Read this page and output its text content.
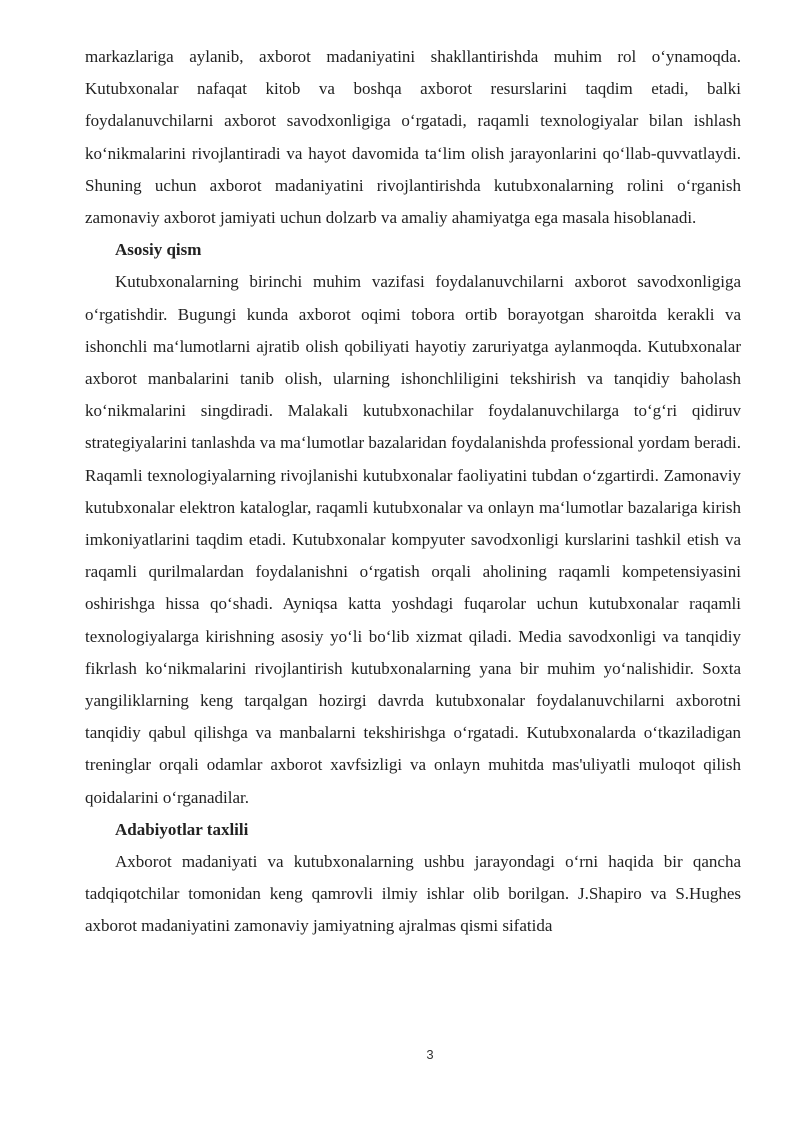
markazlariga aylanib, axborot madaniyatini shakllantirishda muhim rol o‘ynamoqda. Kutubxonalar nafaqat kitob va boshqa axborot resurslarini taqdim etadi, balki foydalanuvchilarni axborot savodxonligiga o‘rgatadi, raqamli texnologiyalar bilan ishlash ko‘nikmalarini rivojlantiradi va hayot davomida ta‘lim olish jarayonlarini qo‘llab-quvvatlaydi. Shuning uchun axborot madaniyatini rivojlantirishda kutubxonalarning rolini o‘rganish zamonaviy axborot jamiyati uchun dolzarb va amaliy ahamiyatga ega masala hisoblanadi.

Asosiy qism

Kutubxonalarning birinchi muhim vazifasi foydalanuvchilarni axborot savodxonligiga o‘rgatishdir. Bugungi kunda axborot oqimi tobora ortib borayotgan sharoitda kerakli va ishonchli ma‘lumotlarni ajratib olish qobiliyati hayotiy zaruriyatga aylanmoqda. Kutubxonalar axborot manbalarini tanib olish, ularning ishonchliligini tekshirish va tanqidiy baholash ko‘nikmalarini singdiradi. Malakali kutubxonachilar foydalanuvchilarga to‘g‘ri qidiruv strategiyalarini tanlashda va ma‘lumotlar bazalaridan foydalanishda professional yordam beradi. Raqamli texnologiyalarning rivojlanishi kutubxonalar faoliyatini tubdan o‘zgartirdi. Zamonaviy kutubxonalar elektron kataloglar, raqamli kutubxonalar va onlayn ma‘lumotlar bazalariga kirish imkoniyatlarini taqdim etadi. Kutubxonalar kompyuter savodxonligi kurslarini tashkil etish va raqamli qurilmalardan foydalanishni o‘rgatish orqali aholining raqamli kompetensiyasini oshirishga hissa qo‘shadi. Ayniqsa katta yoshdagi fuqarolar uchun kutubxonalar raqamli texnologiyalarga kirishning asosiy yo‘li bo‘lib xizmat qiladi. Media savodxonligi va tanqidiy fikrlash ko‘nikmalarini rivojlantirish kutubxonalarning yana bir muhim yo‘nalishidir. Soxta yangiliklarning keng tarqalgan hozirgi davrda kutubxonalar foydalanuvchilarni axborotni tanqidiy qabul qilishga va manbalarni tekshirishga o‘rgatadi. Kutubxonalarda o‘tkaziladigan treninglar orqali odamlar axborot xavfsizligi va onlayn muhitda mas'uliyatli muloqot qilish qoidalarini o‘rganadilar.

Adabiyotlar taxlili

Axborot madaniyati va kutubxonalarning ushbu jarayondagi o‘rni haqida bir qancha tadqiqotchilar tomonidan keng qamrovli ilmiy ishlar olib borilgan. J.Shapiro va S.Hughes axborot madaniyatini zamonaviy jamiyatning ajralmas qismi sifatida

3
